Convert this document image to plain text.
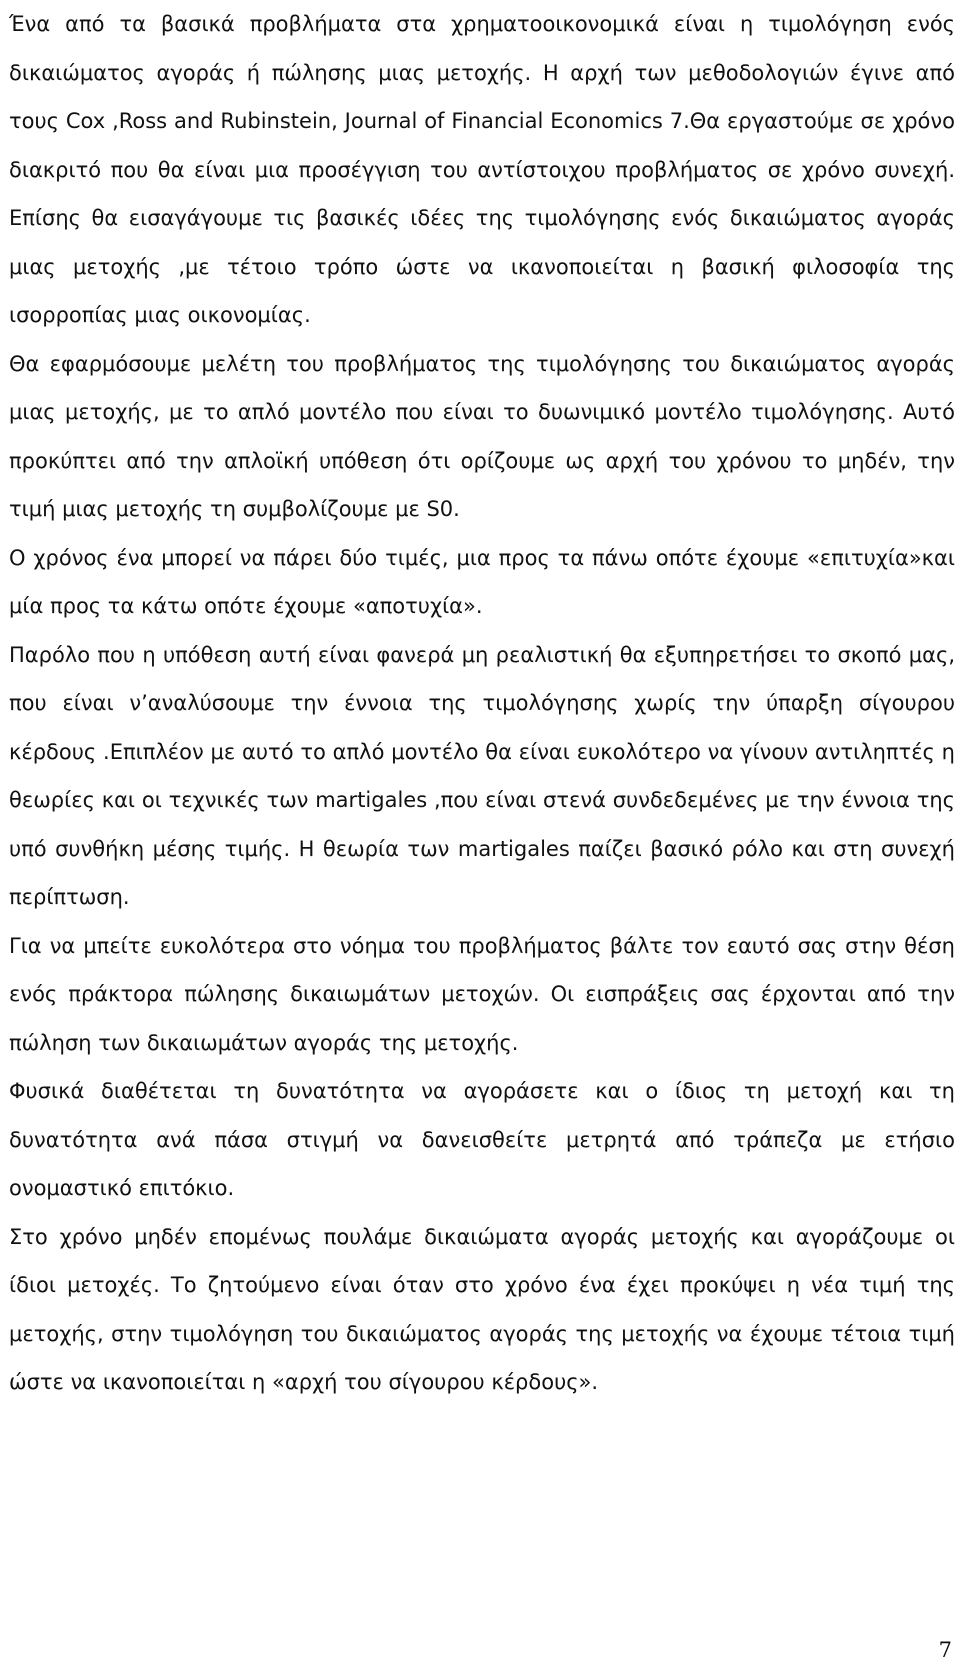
Ένα από τα βασικά προβλήματα στα χρηματοοικονομικά είναι η τιμολόγηση ενός δικαιώματος αγοράς ή πώλησης μιας μετοχής. Η αρχή των μεθοδολογιών έγινε από τους Cox ,Ross and Rubinstein, Journal of Financial Economics 7.Θα εργαστούμε σε χρόνο διακριτό που θα είναι μια προσέγγιση του αντίστοιχου προβλήματος σε χρόνο συνεχή. Επίσης θα εισαγάγουμε τις βασικές ιδέες της τιμολόγησης ενός δικαιώματος αγοράς μιας μετοχής ,με τέτοιο τρόπο ώστε να ικανοποιείται η βασική φιλοσοφία της ισορροπίας μιας οικονομίας.

Θα εφαρμόσουμε μελέτη του προβλήματος της τιμολόγησης του δικαιώματος αγοράς μιας μετοχής, με το απλό μοντέλο που είναι το δυωνιμικό μοντέλο τιμολόγησης. Αυτό προκύπτει από την απλοϊκή υπόθεση ότι ορίζουμε ως αρχή του χρόνου το μηδέν, την τιμή μιας μετοχής τη συμβολίζουμε με S0.

Ο χρόνος ένα μπορεί να πάρει δύο τιμές, μια προς τα πάνω οπότε έχουμε «επιτυχία»και μία προς τα κάτω οπότε έχουμε «αποτυχία».

Παρόλο που η υπόθεση αυτή είναι φανερά μη ρεαλιστική θα εξυπηρετήσει το σκοπό μας, που είναι ν’αναλύσουμε την έννοια της τιμολόγησης χωρίς την ύπαρξη σίγουρου κέρδους .Επιπλέον με αυτό το απλό μοντέλο θα είναι ευκολότερο να γίνουν αντιληπτές η θεωρίες και οι τεχνικές των martigales ,που είναι στενά συνδεδεμένες με την έννοια της υπό συνθήκη μέσης τιμής. Η θεωρία των martigales παίζει βασικό ρόλο και στη συνεχή περίπτωση.

Για να μπείτε ευκολότερα στο νόημα του προβλήματος βάλτε τον εαυτό σας στην θέση ενός πράκτορα πώλησης δικαιωμάτων μετοχών. Οι εισπράξεις σας έρχονται από την πώληση των δικαιωμάτων αγοράς της μετοχής.

Φυσικά διαθέτεται τη δυνατότητα να αγοράσετε και ο ίδιος τη μετοχή και τη δυνατότητα ανά πάσα στιγμή να δανεισθείτε μετρητά από τράπεζα με ετήσιο ονομαστικό επιτόκιο.

Στο χρόνο μηδέν επομένως πουλάμε δικαιώματα αγοράς μετοχής και αγοράζουμε οι ίδιοι μετοχές. Το ζητούμενο είναι όταν στο χρόνο ένα έχει προκύψει η νέα τιμή της μετοχής, στην τιμολόγηση του δικαιώματος αγοράς της μετοχής να έχουμε τέτοια τιμή ώστε να ικανοποιείται η «αρχή του σίγουρου κέρδους».

7
